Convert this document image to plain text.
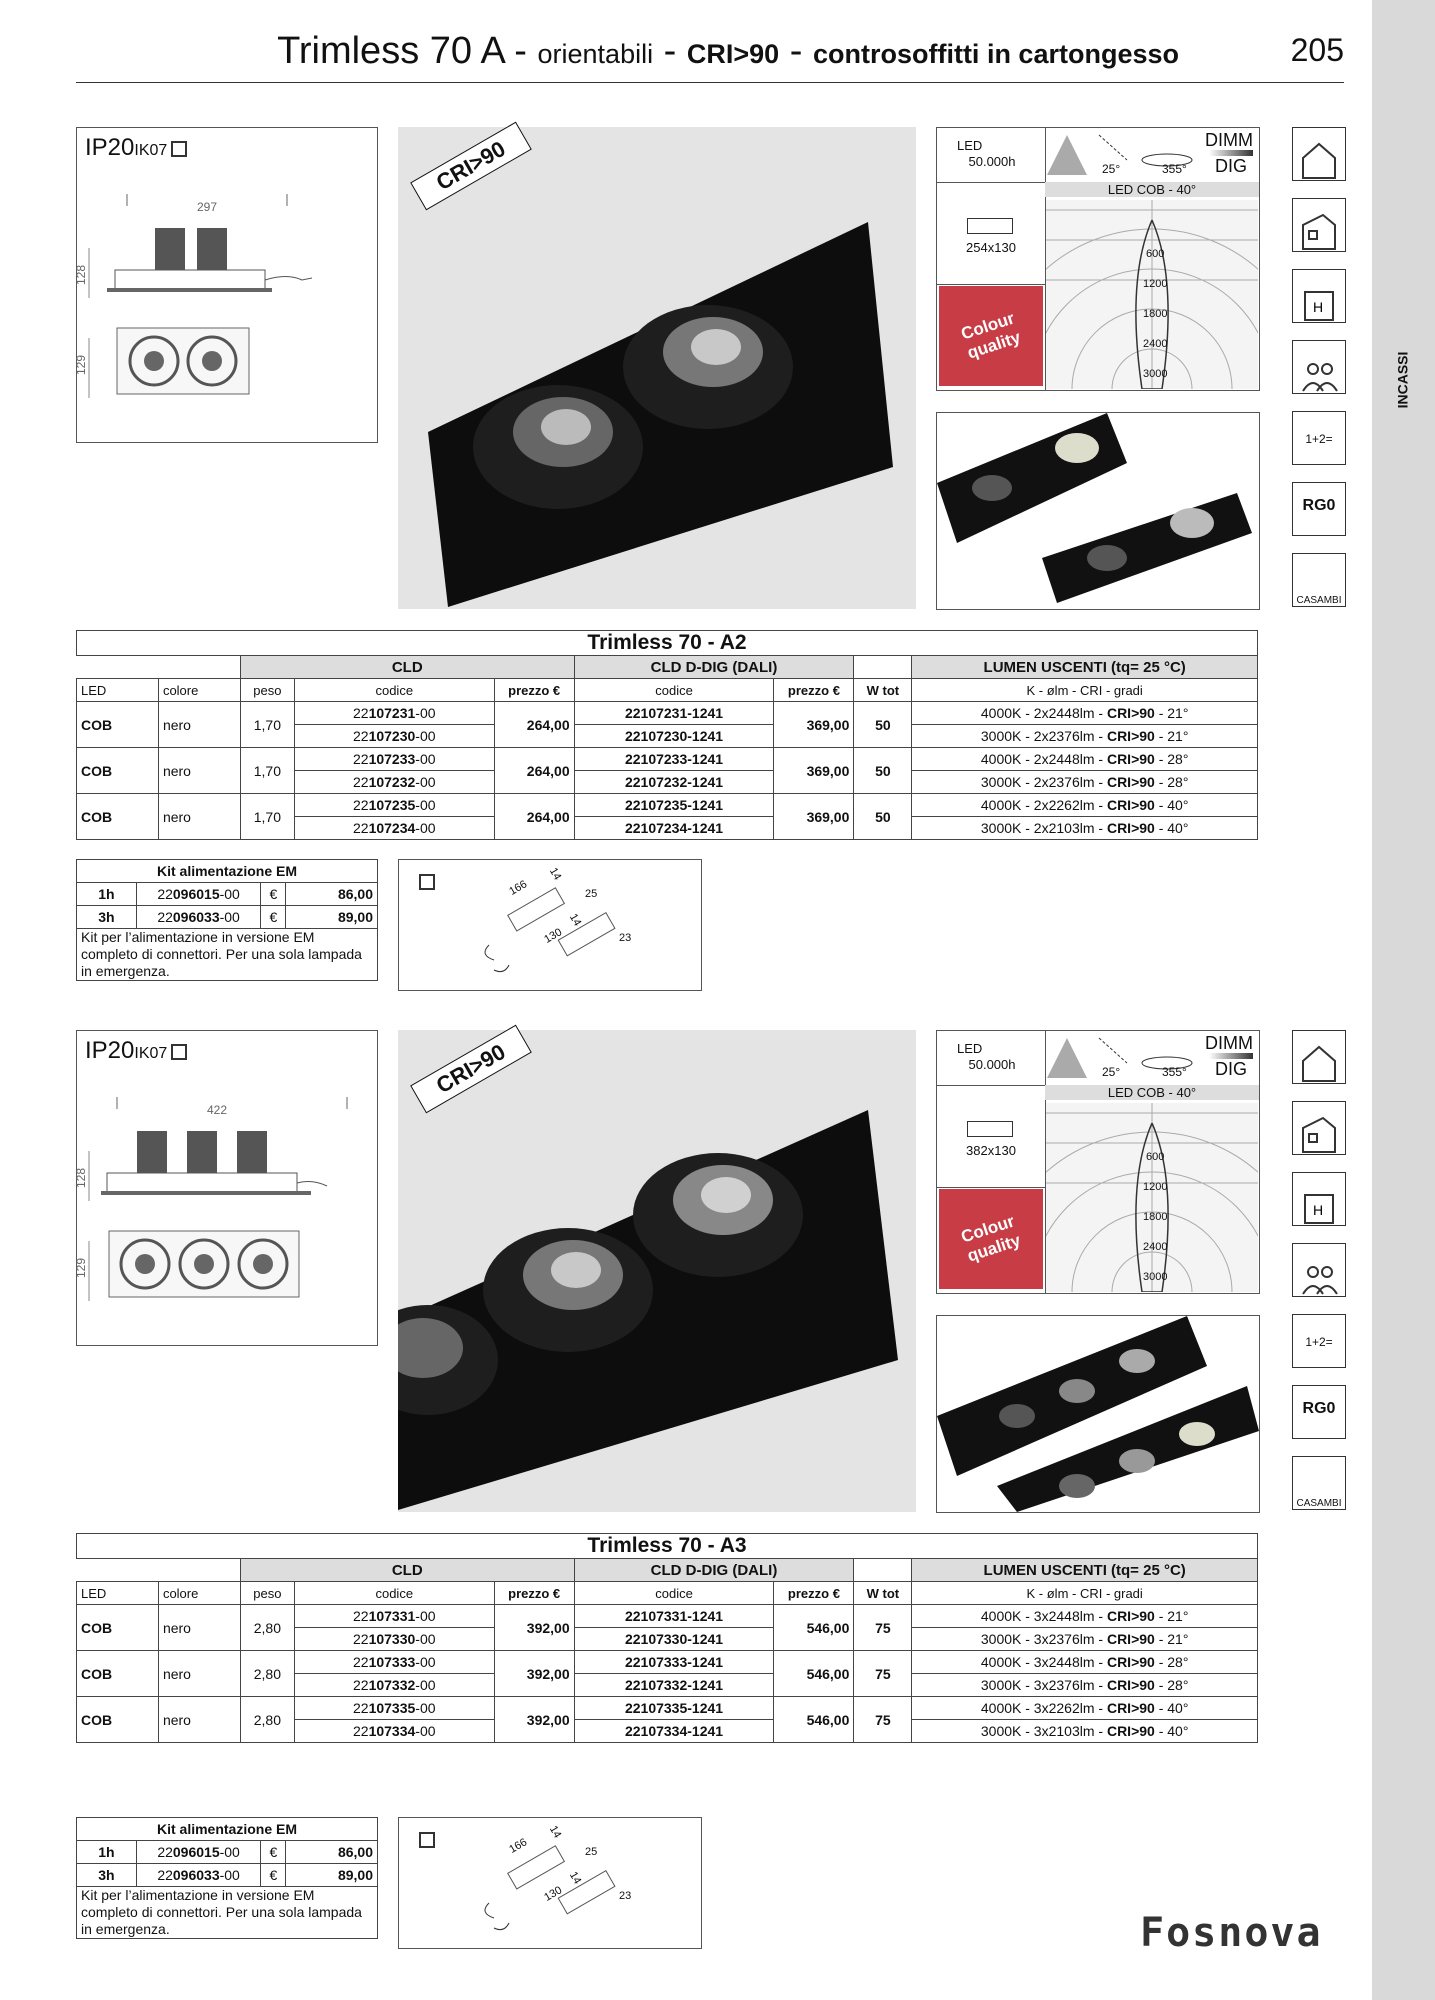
INCASSI
Trimless 70 A - orientabili - CRI>90 - controsoffitti in cartongesso	205
IP20IK07
297
128
129
CRI>90	LED
50.000h	25°	355°
DIMM
DIG
LED COB - 40°
254x130
Colour quality
600
1200
1800
2400
3000
Trimless 70 - A2								
		CLD			CLD D-DIG (DALI)			LUMEN USCENTI (tq= 25 °C)
LED	colore	peso	codice	prezzo €	codice	prezzo €	W tot	K - ølm - CRI - gradi
COB	nero	1,70	22107231-00	264,00	22107231-1241	369,00	50	4000K - 2x2448lm - CRI>90 - 21°
			22107230-00		22107230-1241			3000K - 2x2376lm - CRI>90 - 21°
COB	nero	1,70	22107233-00	264,00	22107233-1241	369,00	50	4000K - 2x2448lm - CRI>90 - 28°
			22107232-00		22107232-1241			3000K - 2x2376lm - CRI>90 - 28°
COB	nero	1,70	22107235-00	264,00	22107235-1241	369,00	50	4000K - 2x2262lm - CRI>90 - 40°
			22107234-00		22107234-1241			3000K - 2x2103lm - CRI>90 - 40°
Kit alimentazione EM			
1h	22096015-00	€	86,00
3h	22096033-00	€	89,00
Kit per l’alimentazione in versione EM completo di connettori. Per una sola lampada in emergenza.			
166
14
25
130
14
23
IP20IK07
422
128
129
CRI>90	LED
50.000h	25°	355°
DIMM
DIG
LED COB - 40°
382x130
Colour quality
600
1200
1800
2400
3000
Trimless 70 - A3								
		CLD			CLD D-DIG (DALI)			LUMEN USCENTI (tq= 25 °C)
LED	colore	peso	codice	prezzo €	codice	prezzo €	W tot	K - ølm - CRI - gradi
COB	nero	2,80	22107331-00	392,00	22107331-1241	546,00	75	4000K - 3x2448lm - CRI>90 - 21°
			22107330-00		22107330-1241			3000K - 3x2376lm - CRI>90 - 21°
COB	nero	2,80	22107333-00	392,00	22107333-1241	546,00	75	4000K - 3x2448lm - CRI>90 - 28°
			22107332-00		22107332-1241			3000K - 3x2376lm - CRI>90 - 28°
COB	nero	2,80	22107335-00	392,00	22107335-1241	546,00	75	4000K - 3x2262lm - CRI>90 - 40°
			22107334-00		22107334-1241			3000K - 3x2103lm - CRI>90 - 40°
Kit alimentazione EM			
1h	22096015-00	€	86,00
3h	22096033-00	€	89,00
Kit per l’alimentazione in versione EM completo di connettori. Per una sola lampada in emergenza.			
166
14
25
130
14
23
H
1+2=
RG0
CASAMBI
H
1+2=
RG0
CASAMBI
Fosnova
